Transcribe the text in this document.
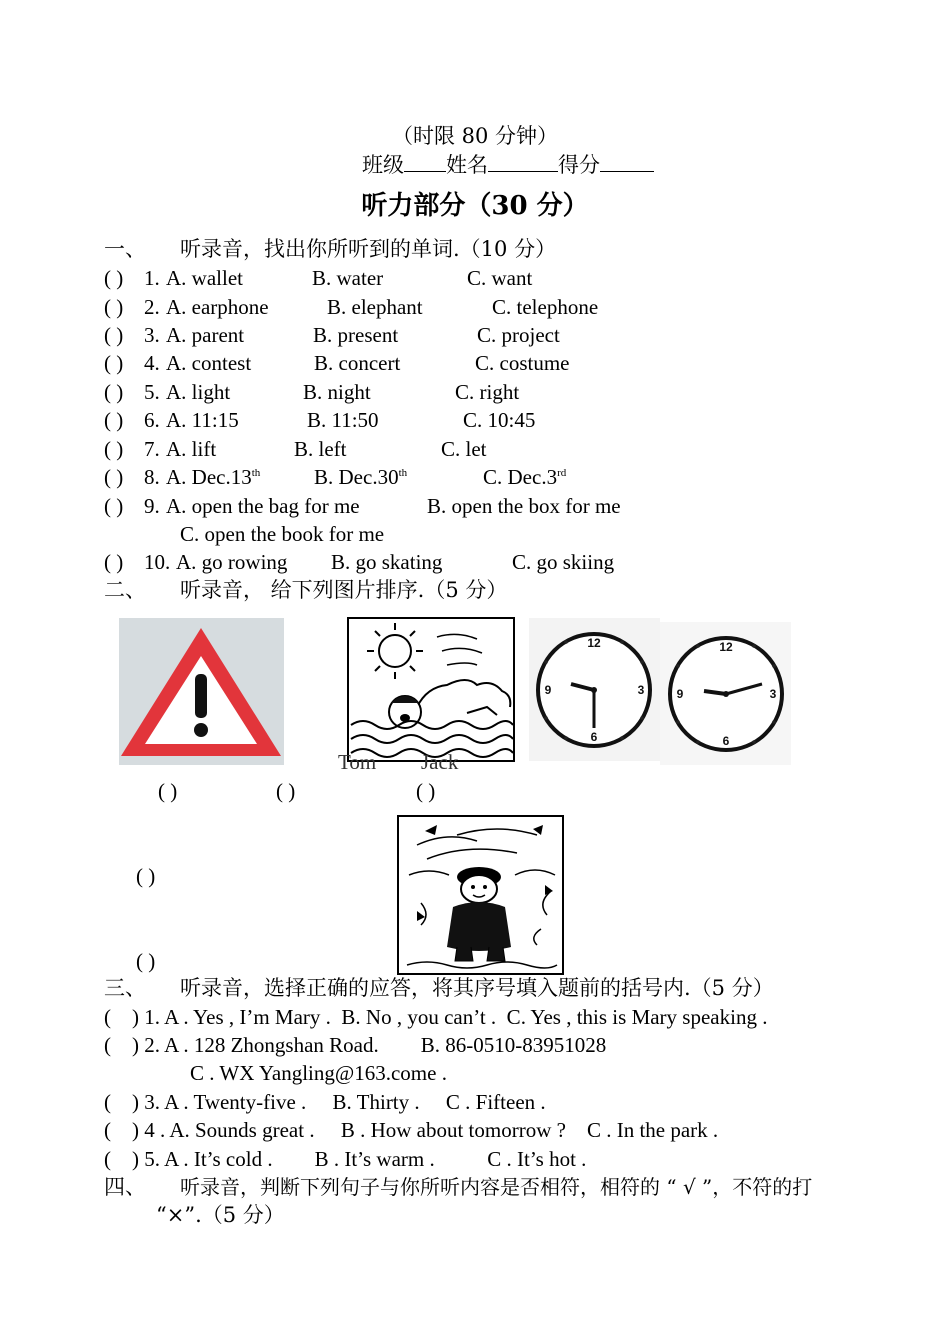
（时限 80 分钟）
班级 姓名	得分
听力部分（30 分）
一、 听录音，找出你所听到的单词.（10 分）
( ) 1. A. wallet	B. water	C. want
( ) 2. A. earphone	B. elephant	C. telephone
( ) 3. A. parent	B. present	C. project
( ) 4. A. contest	B. concert	C. costume
( ) 5. A. light	B. night	C. right
( ) 6. A. 11:15	B. 11:50	C. 10:45
( ) 7. A. lift	B. left	C. let
( ) 8. A. Dec.13th	B. Dec.30th	C. Dec.3rd
( ) 9. A. open the bag for me	B. open the box for me
C. open the book for me
( ) 10. A. go rowing B. go skating	C. go skiing
二、 听录音， 给下列图片排序.（5 分）
12
3
6
9
12
3
6
9
Tom Jack
( )	( )	( )
( )
( )
三、 听录音，选择正确的应答，将其序号填入题前的括号内.（5 分）
(    ) 1. A . Yes , I’m Mary .  B. No , you can’t .  C. Yes , this is Mary speaking .
(    ) 2. A . 128 Zhongshan Road.        B. 86-0510-83951028
C . WX Yangling@163.come .
(    ) 3. A . Twenty-five .     B. Thirty .     C . Fifteen .
(    ) 4 . A. Sounds great .     B . How about tomorrow ?    C . In the park .
(    ) 5. A . It’s cold .        B . It’s warm .          C . It’s hot .
四、 听录音，判断下列句子与你所听内容是否相符，相符的 “ √ ”，不符的打
“×”.（5 分）
